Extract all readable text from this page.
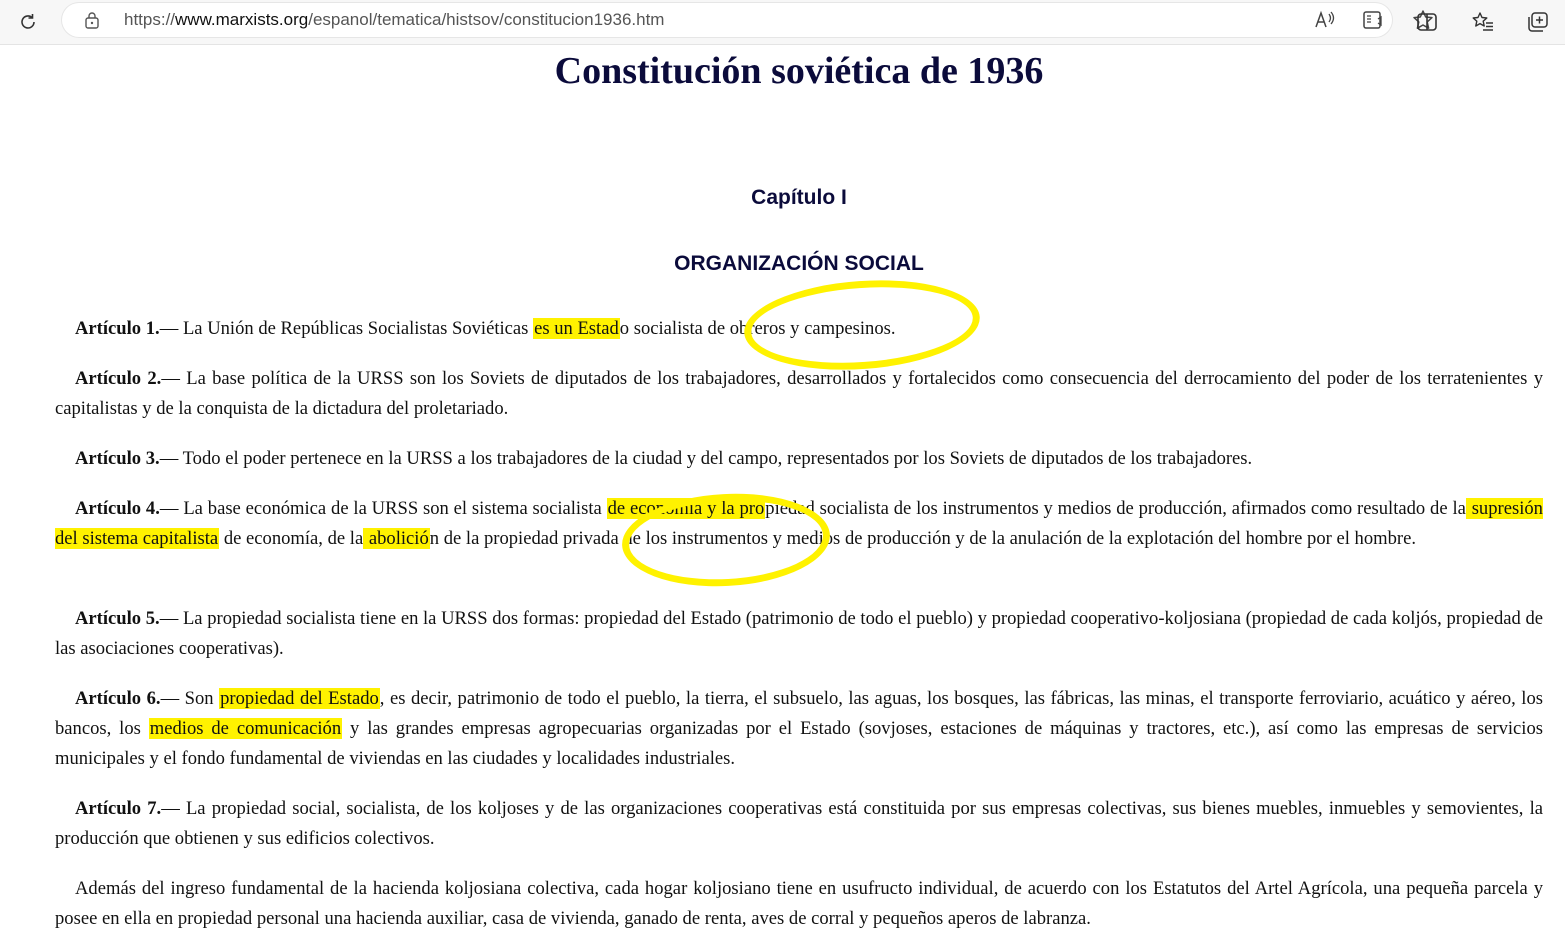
https://www.marxists.org/espanol/tematica/histsov/constitucion1936.htm
Constitución soviética de 1936
Capítulo I
ORGANIZACIÓN SOCIAL

Artículo 1.— La Unión de Repúblicas Socialistas Soviéticas es un Estado socialista de obreros y campesinos.

Artículo 2.— La base política de la URSS son los Soviets de diputados de los trabajadores, desarrollados y fortalecidos como consecuencia del derrocamiento del poder de los terratenientes y capitalistas y de la conquista de la dictadura del proletariado.

Artículo 3.— Todo el poder pertenece en la URSS a los trabajadores de la ciudad y del campo, representados por los Soviets de diputados de los trabajadores.

Artículo 4.— La base económica de la URSS son el sistema socialista de economía y la propiedad socialista de los instrumentos y medios de producción, afirmados como resultado de la supresión del sistema capitalista de economía, de la abolición de la propiedad privada de los instrumentos y medios de producción y de la anulación de la explotación del hombre por el hombre.

Artículo 5.— La propiedad socialista tiene en la URSS dos formas: propiedad del Estado (patrimonio de todo el pueblo) y propiedad cooperativo-koljosiana (propiedad de cada koljós, propiedad de las asociaciones cooperativas).

Artículo 6.— Son propiedad del Estado, es decir, patrimonio de todo el pueblo, la tierra, el subsuelo, las aguas, los bosques, las fábricas, las minas, el transporte ferroviario, acuático y aéreo, los bancos, los medios de comunicación y las grandes empresas agropecuarias organizadas por el Estado (sovjoses, estaciones de máquinas y tractores, etc.), así como las empresas de servicios municipales y el fondo fundamental de viviendas en las ciudades y localidades industriales.

Artículo 7.— La propiedad social, socialista, de los koljoses y de las organizaciones cooperativas está constituida por sus empresas colectivas, sus bienes muebles, inmuebles y semovientes, la producción que obtienen y sus edificios colectivos.

Además del ingreso fundamental de la hacienda koljosiana colectiva, cada hogar koljosiano tiene en usufructo individual, de acuerdo con los Estatutos del Artel Agrícola, una pequeña parcela y posee en ella en propiedad personal una hacienda auxiliar, casa de vivienda, ganado de renta, aves de corral y pequeños aperos de labranza.
